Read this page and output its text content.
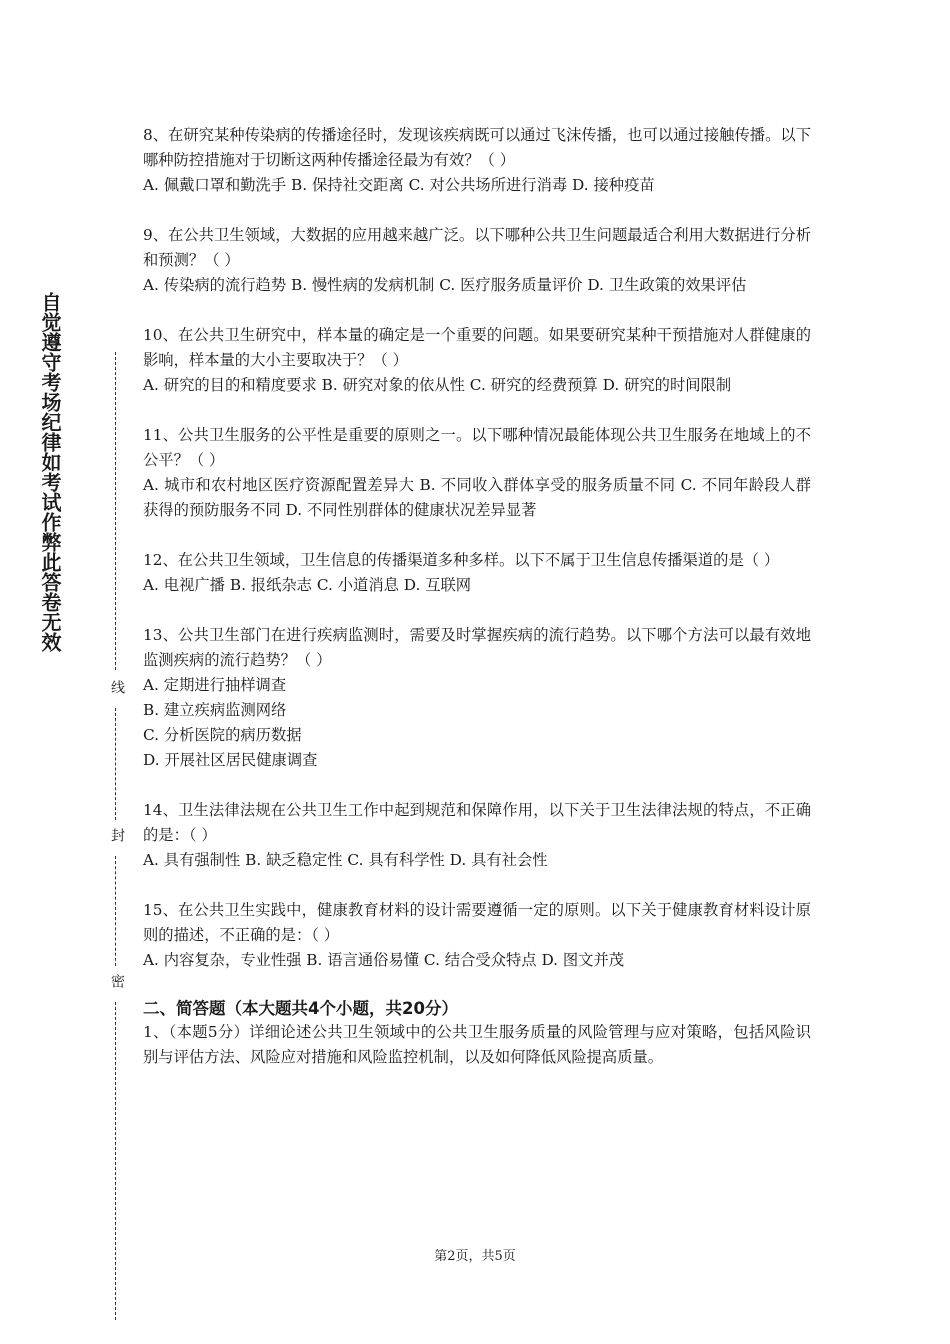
自觉遵守考场纪律如考试作弊此答卷无效
线
封
密

8、在研究某种传染病的传播途径时，发现该疾病既可以通过飞沫传播，也可以通过接触传播。以下哪种防控措施对于切断这两种传播途径最为有效？（ ）

A. 佩戴口罩和勤洗手 B. 保持社交距离 C. 对公共场所进行消毒 D. 接种疫苗

9、在公共卫生领域，大数据的应用越来越广泛。以下哪种公共卫生问题最适合利用大数据进行分析和预测？（ ）

A. 传染病的流行趋势 B. 慢性病的发病机制 C. 医疗服务质量评价 D. 卫生政策的效果评估

10、在公共卫生研究中，样本量的确定是一个重要的问题。如果要研究某种干预措施对人群健康的影响，样本量的大小主要取决于？（ ）

A. 研究的目的和精度要求 B. 研究对象的依从性 C. 研究的经费预算 D. 研究的时间限制

11、公共卫生服务的公平性是重要的原则之一。以下哪种情况最能体现公共卫生服务在地域上的不公平？（ ）

A. 城市和农村地区医疗资源配置差异大 B. 不同收入群体享受的服务质量不同 C. 不同年龄段人群获得的预防服务不同 D. 不同性别群体的健康状况差异显著

12、在公共卫生领域，卫生信息的传播渠道多种多样。以下不属于卫生信息传播渠道的是（ ）

A. 电视广播 B. 报纸杂志 C. 小道消息 D. 互联网

13、公共卫生部门在进行疾病监测时，需要及时掌握疾病的流行趋势。以下哪个方法可以最有效地监测疾病的流行趋势？（ ）

A. 定期进行抽样调查

B. 建立疾病监测网络

C. 分析医院的病历数据

D. 开展社区居民健康调查

14、卫生法律法规在公共卫生工作中起到规范和保障作用，以下关于卫生法律法规的特点，不正确的是：（ ）

A. 具有强制性 B. 缺乏稳定性 C. 具有科学性 D. 具有社会性

15、在公共卫生实践中，健康教育材料的设计需要遵循一定的原则。以下关于健康教育材料设计原则的描述，不正确的是：（ ）

A. 内容复杂，专业性强 B. 语言通俗易懂 C. 结合受众特点 D. 图文并茂

二、简答题（本大题共4个小题，共20分）

1、（本题5分）详细论述公共卫生领域中的公共卫生服务质量的风险管理与应对策略，包括风险识别与评估方法、风险应对措施和风险监控机制，以及如何降低风险提高质量。

第2页，共5页
